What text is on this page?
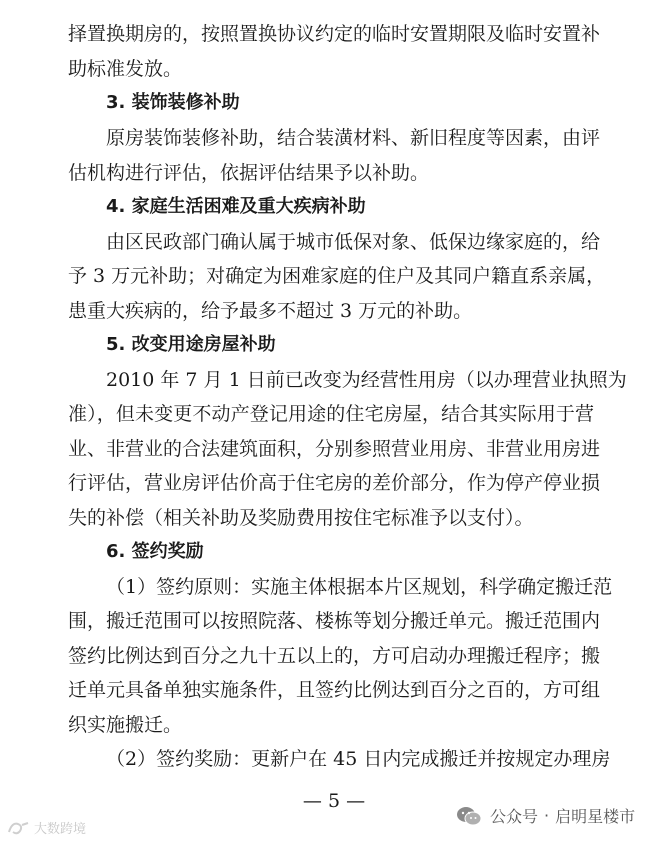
择置换期房的，按照置换协议约定的临时安置期限及临时安置补
助标准发放。
3. 装饰装修补助
原房装饰装修补助，结合装潢材料、新旧程度等因素，由评
估机构进行评估，依据评估结果予以补助。
4. 家庭生活困难及重大疾病补助
由区民政部门确认属于城市低保对象、低保边缘家庭的，给
予 3 万元补助；对确定为困难家庭的住户及其同户籍直系亲属，
患重大疾病的，给予最多不超过 3 万元的补助。
5. 改变用途房屋补助
2010 年 7 月 1 日前已改变为经营性用房（以办理营业执照为
准），但未变更不动产登记用途的住宅房屋，结合其实际用于营
业、非营业的合法建筑面积，分别参照营业用房、非营业用房进
行评估，营业房评估价高于住宅房的差价部分，作为停产停业损
失的补偿（相关补助及奖励费用按住宅标准予以支付）。
6. 签约奖励
（1）签约原则：实施主体根据本片区规划，科学确定搬迁范
围，搬迁范围可以按照院落、楼栋等划分搬迁单元。搬迁范围内
签约比例达到百分之九十五以上的，方可启动办理搬迁程序；搬
迁单元具备单独实施条件，且签约比例达到百分之百的，方可组
织实施搬迁。
（2）签约奖励：更新户在 45 日内完成搬迁并按规定办理房
— 5 —
公众号 · 启明星楼市
大数跨境
